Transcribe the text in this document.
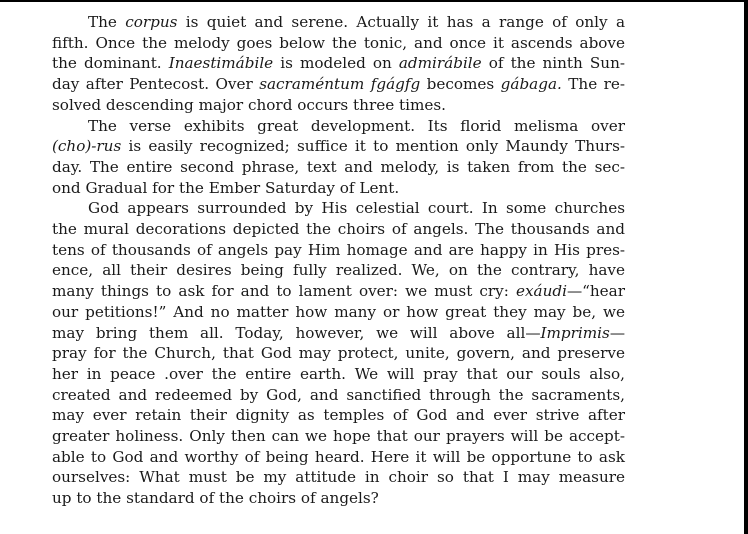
The corpus is quiet and serene. Actually it has a range of only a
fifth. Once the melody goes below the tonic, and once it ascends above
the dominant. Inaestimábile is modeled on admirábile of the ninth Sun-
day after Pentecost. Over sacraméntum fgágfg becomes gábaga. The re-
solved descending major chord occurs three times.
The verse exhibits great development. Its florid melisma over
(cho)-rus is easily recognized; suffice it to mention only Maundy Thurs-
day. The entire second phrase, text and melody, is taken from the sec-
ond Gradual for the Ember Saturday of Lent.
God appears surrounded by His celestial court. In some churches
the mural decorations depicted the choirs of angels. The thousands and
tens of thousands of angels pay Him homage and are happy in His pres-
ence, all their desires being fully realized. We, on the contrary, have
many things to ask for and to lament over: we must cry: exáudi—“hear
our petitions!” And no matter how many or how great they may be, we
may bring them all. Today, however, we will above all—Imprimis—
pray for the Church, that God may protect, unite, govern, and preserve
her in peace .over the entire earth. We will pray that our souls also,
created and redeemed by God, and sanctified through the sacraments,
may ever retain their dignity as temples of God and ever strive after
greater holiness. Only then can we hope that our prayers will be accept-
able to God and worthy of being heard. Here it will be opportune to ask
ourselves: What must be my attitude in choir so that I may measure
up to the standard of the choirs of angels?
